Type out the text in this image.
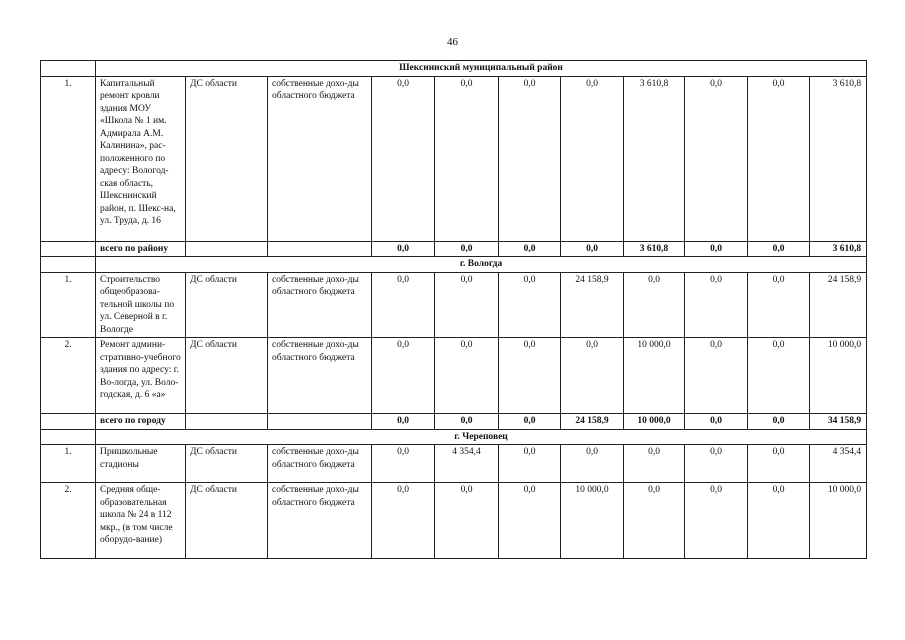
46
	Шекснинский муниципальный район										
1.	Капитальный ремонт кровли здания МОУ «Школа № 1 им. Адмирала А.М. Калинина», рас-положенного по адресу: Вологод-ская область, Шекснинский район, п. Шекс-на, ул. Труда, д. 16	ДС области	собственные дохо-ды областного бюджета	0,0	0,0	0,0	0,0	3 610,8	0,0	0,0	3 610,8
	всего по району			0,0	0,0	0,0	0,0	3 610,8	0,0	0,0	3 610,8
	г. Вологда										
1.	Строительство общеобразова-тельной школы по ул. Северной в г. Вологде	ДС области	собственные дохо-ды областного бюджета	0,0	0,0	0,0	24 158,9	0,0	0,0	0,0	24 158,9
2.	Ремонт админи-стративно-учебного здания по адресу: г. Во-логда, ул. Воло-годская, д. 6 «а»	ДС области	собственные дохо-ды областного бюджета	0,0	0,0	0,0	0,0	10 000,0	0,0	0,0	10 000,0
	всего по городу			0,0	0,0	0,0	24 158,9	10 000,0	0,0	0,0	34 158,9
	г. Череповец										
1.	Пришкольные стадионы	ДС области	собственные дохо-ды областного бюджета	0,0	4 354,4	0,0	0,0	0,0	0,0	0,0	4 354,4
2.	Средняя обще-образовательная школа № 24 в 112 мкр., (в том числе оборудо-вание)	ДС области	собственные дохо-ды областного бюджета	0,0	0,0	0,0	10 000,0	0,0	0,0	0,0	10 000,0
